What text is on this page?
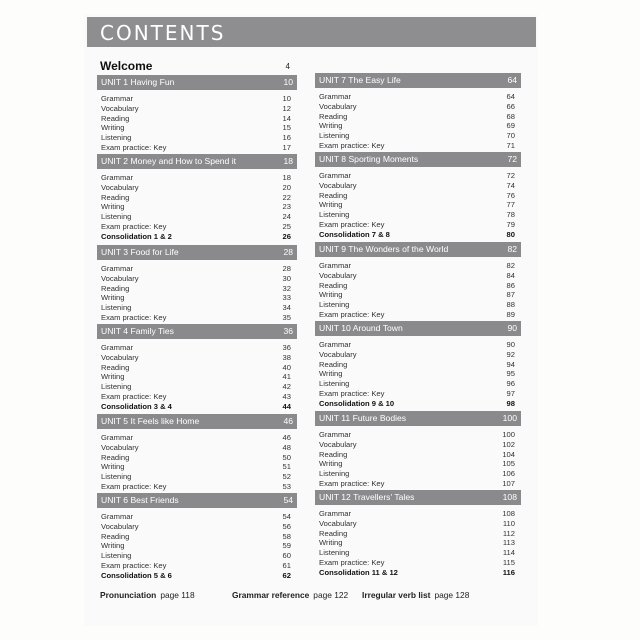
CONTENTS
Welcome	4
UNIT 1 Having Fun	10
Grammar	10
Vocabulary	12
Reading	14
Writing	15
Listening	16
Exam practice: Key	17
UNIT 2 Money and How to Spend it	18
Grammar	18
Vocabulary	20
Reading	22
Writing	23
Listening	24
Exam practice: Key	25
Consolidation 1 & 2	26
UNIT 3 Food for Life	28
Grammar	28
Vocabulary	30
Reading	32
Writing	33
Listening	34
Exam practice: Key	35
UNIT 4 Family Ties	36
Grammar	36
Vocabulary	38
Reading	40
Writing	41
Listening	42
Exam practice: Key	43
Consolidation 3 & 4	44
UNIT 5 It Feels like Home	46
Grammar	46
Vocabulary	48
Reading	50
Writing	51
Listening	52
Exam practice: Key	53
UNIT 6 Best Friends	54
Grammar	54
Vocabulary	56
Reading	58
Writing	59
Listening	60
Exam practice: Key	61
Consolidation 5 & 6	62
UNIT 7 The Easy Life	64
Grammar	64
Vocabulary	66
Reading	68
Writing	69
Listening	70
Exam practice: Key	71
UNIT 8 Sporting Moments	72
Grammar	72
Vocabulary	74
Reading	76
Writing	77
Listening	78
Exam practice: Key	79
Consolidation 7 & 8	80
UNIT 9 The Wonders of the World	82
Grammar	82
Vocabulary	84
Reading	86
Writing	87
Listening	88
Exam practice: Key	89
UNIT 10 Around Town	90
Grammar	90
Vocabulary	92
Reading	94
Writing	95
Listening	96
Exam practice: Key	97
Consolidation 9 & 10	98
UNIT 11 Future Bodies	100
Grammar	100
Vocabulary	102
Reading	104
Writing	105
Listening	106
Exam practice: Key	107
UNIT 12 Travellers' Tales	108
Grammar	108
Vocabulary	110
Reading	112
Writing	113
Listening	114
Exam practice: Key	115
Consolidation 11 & 12	116
Pronunciation page 118	Grammar reference page 122 Irregular verb list page 128
